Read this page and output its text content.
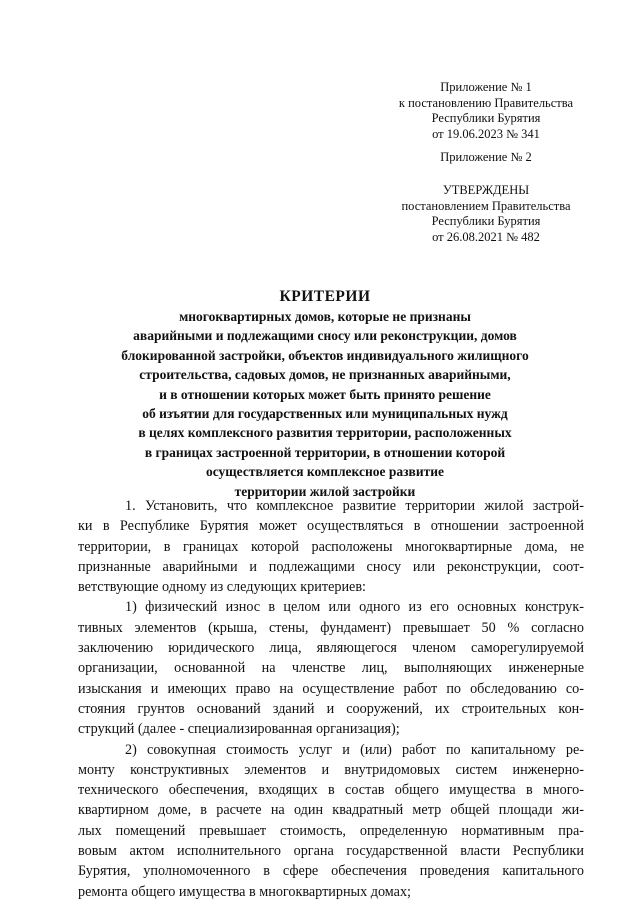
Приложение № 1
к постановлению Правительства
Республики Бурятия
от 19.06.2023 № 341
Приложение № 2
УТВЕРЖДЕНЫ
постановлением Правительства
Республики Бурятия
от 26.08.2021 № 482
КРИТЕРИИ
многоквартирных домов, которые не признаны
аварийными и подлежащими сносу или реконструкции, домов
блокированной застройки, объектов индивидуального жилищного
строительства, садовых домов, не признанных аварийными,
и в отношении которых может быть принято решение
об изъятии для государственных или муниципальных нужд
в целях комплексного развития территории, расположенных
в границах застроенной территории, в отношении которой
осуществляется комплексное развитие
территории жилой застройки
1. Установить, что комплексное развитие территории жилой застрой-
ки в Республике Бурятия может осуществляться в отношении застроенной
территории, в границах которой расположены многоквартирные дома, не
признанные аварийными и подлежащими сносу или реконструкции, соот-
ветствующие одному из следующих критериев:
1) физический износ в целом или одного из его основных конструк-
тивных элементов (крыша, стены, фундамент) превышает 50 % согласно
заключению юридического лица, являющегося членом саморегулируемой
организации, основанной на членстве лиц, выполняющих инженерные
изыскания и имеющих право на осуществление работ по обследованию со-
стояния грунтов оснований зданий и сооружений, их строительных кон-
струкций (далее - специализированная организация);
2) совокупная стоимость услуг и (или) работ по капитальному ре-
монту конструктивных элементов и внутридомовых систем инженерно-
технического обеспечения, входящих в состав общего имущества в много-
квартирном доме, в расчете на один квадратный метр общей площади жи-
лых помещений превышает стоимость, определенную нормативным пра-
вовым актом исполнительного органа государственной власти Республики
Бурятия, уполномоченного в сфере обеспечения проведения капитального
ремонта общего имущества в многоквартирных домах;
